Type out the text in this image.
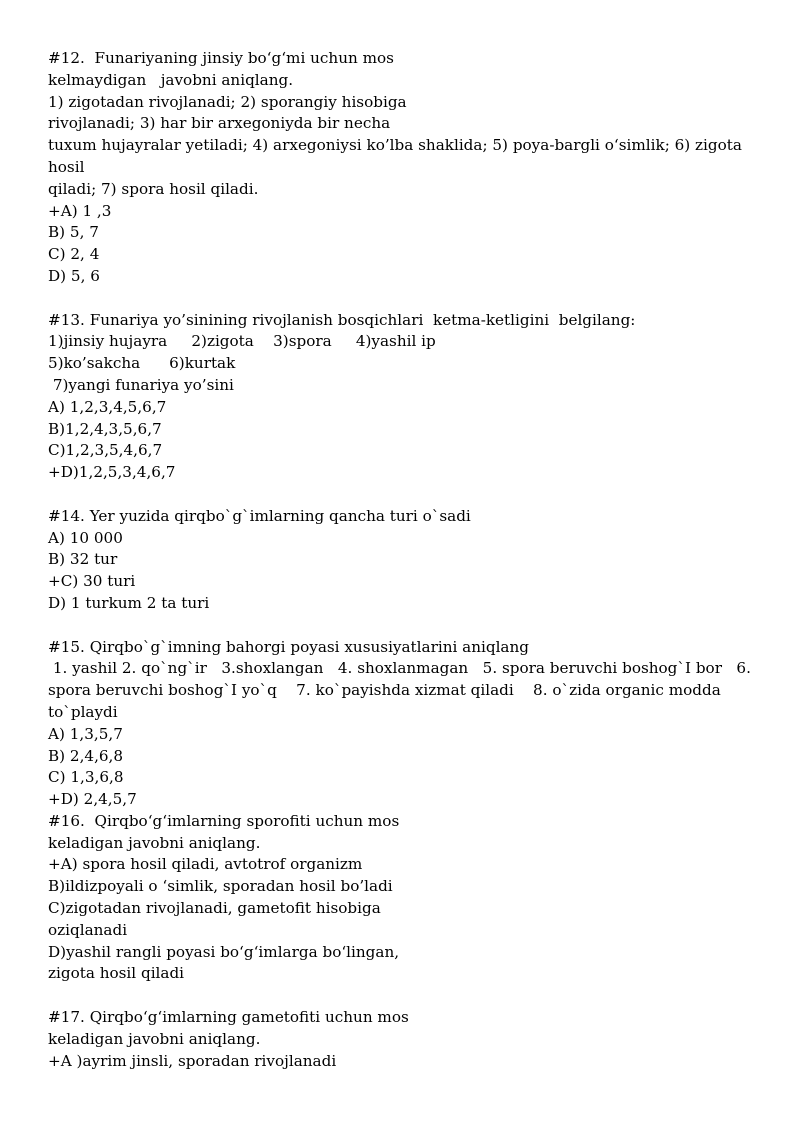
#12.  Funariyaning jinsiy bo‘g‘mi uchun mos
kelmaydigan   javobni aniqlang.
1) zigotadan rivojlanadi; 2) sporangiy hisobiga
rivojlanadi; 3) har bir arxegoniyda bir necha
tuxum hujayralar yetiladi; 4) arxegoniysi ko’lba shaklida; 5) poya-bargli o‘simlik; 6) zigota
hosil
qiladi; 7) spora hosil qiladi.
+A) 1 ,3
B) 5, 7
C) 2, 4
D) 5, 6
#13. Funariya yo’sinining rivojlanish bosqichlari  ketma-ketligini  belgilang:
1)jinsiy hujayra     2)zigota    3)spora     4)yashil ip
5)ko’sakcha      6)kurtak
7)yangi funariya yo’sini
A) 1,2,3,4,5,6,7
B)1,2,4,3,5,6,7
C)1,2,3,5,4,6,7
+D)1,2,5,3,4,6,7
#14. Yer yuzida qirqbo`g`imlarning qancha turi o`sadi
A) 10 000
B) 32 tur
+C) 30 turi
D) 1 turkum 2 ta turi
#15. Qirqbo`g`imning bahorgi poyasi xususiyatlarini aniqlang
1. yashil 2. qo`ng`ir   3.shoxlangan   4. shoxlanmagan   5. spora beruvchi boshog`I bor   6.
spora beruvchi boshog`I yo`q    7. ko`payishda xizmat qiladi    8. o`zida organic modda
to`playdi
A) 1,3,5,7
B) 2,4,6,8
C) 1,3,6,8
+D) 2,4,5,7
#16.  Qirqbo‘g‘imlarning sporofiti uchun mos
keladigan javobni aniqlang.
+A) spora hosil qiladi, avtotrof organizm
B)ildizpoyali o ‘simlik, sporadan hosil bo’ladi
C)zigotadan rivojlanadi, gametofit hisobiga
oziqlanadi
D)yashil rangli poyasi bo‘g‘imlarga bo‘lingan,
zigota hosil qiladi
#17. Qirqbo‘g‘imlarning gametofiti uchun mos
keladigan javobni aniqlang.
+A )ayrim jinsli, sporadan rivojlanadi
